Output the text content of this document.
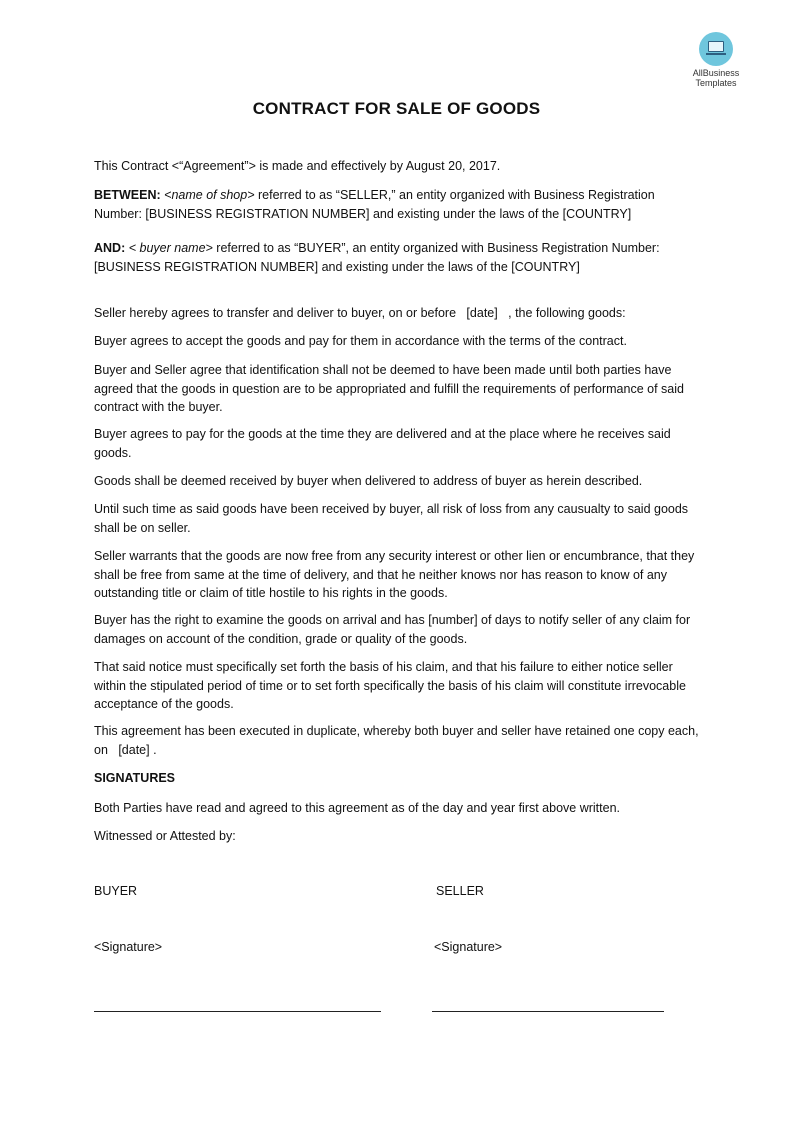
AllBusiness
Templates
CONTRACT FOR SALE OF GOODS

This Contract <“Agreement”> is made and effectively by August 20, 2017.

BETWEEN: <name of shop> referred to as “SELLER,” an entity organized with Business Registration Number: [BUSINESS REGISTRATION NUMBER] and existing under the laws of the [COUNTRY]

AND: < buyer name> referred to as “BUYER”, an entity organized with Business Registration Number: [BUSINESS REGISTRATION NUMBER] and existing under the laws of the [COUNTRY]

Seller hereby agrees to transfer and deliver to buyer, on or before   [date]   , the following goods:

Buyer agrees to accept the goods and pay for them in accordance with the terms of the contract.

Buyer and Seller agree that identification shall not be deemed to have been made until both parties have agreed that the goods in question are to be appropriated and fulfill the requirements of performance of said contract with the buyer.

Buyer agrees to pay for the goods at the time they are delivered and at the place where he receives said goods.

Goods shall be deemed received by buyer when delivered to address of buyer as herein described.

Until such time as said goods have been received by buyer, all risk of loss from any causualty to said goods shall be on seller.

Seller warrants that the goods are now free from any security interest or other lien or encumbrance, that they shall be free from same at the time of delivery, and that he neither knows nor has reason to know of any outstanding title or claim of title hostile to his rights in the goods.

Buyer has the right to examine the goods on arrival and has [number] of days to notify seller of any claim for damages on account of the condition, grade or quality of the goods.

That said notice must specifically set forth the basis of his claim, and that his failure to either notice seller within the stipulated period of time or to set forth specifically the basis of his claim will constitute irrevocable acceptance of the goods.

This agreement has been executed in duplicate, whereby both buyer and seller have retained one copy each, on   [date] .

SIGNATURES

Both Parties have read and agreed to this agreement as of the day and year first above written.

Witnessed or Attested by:

BUYER	SELLER
<Signature>	<Signature>
